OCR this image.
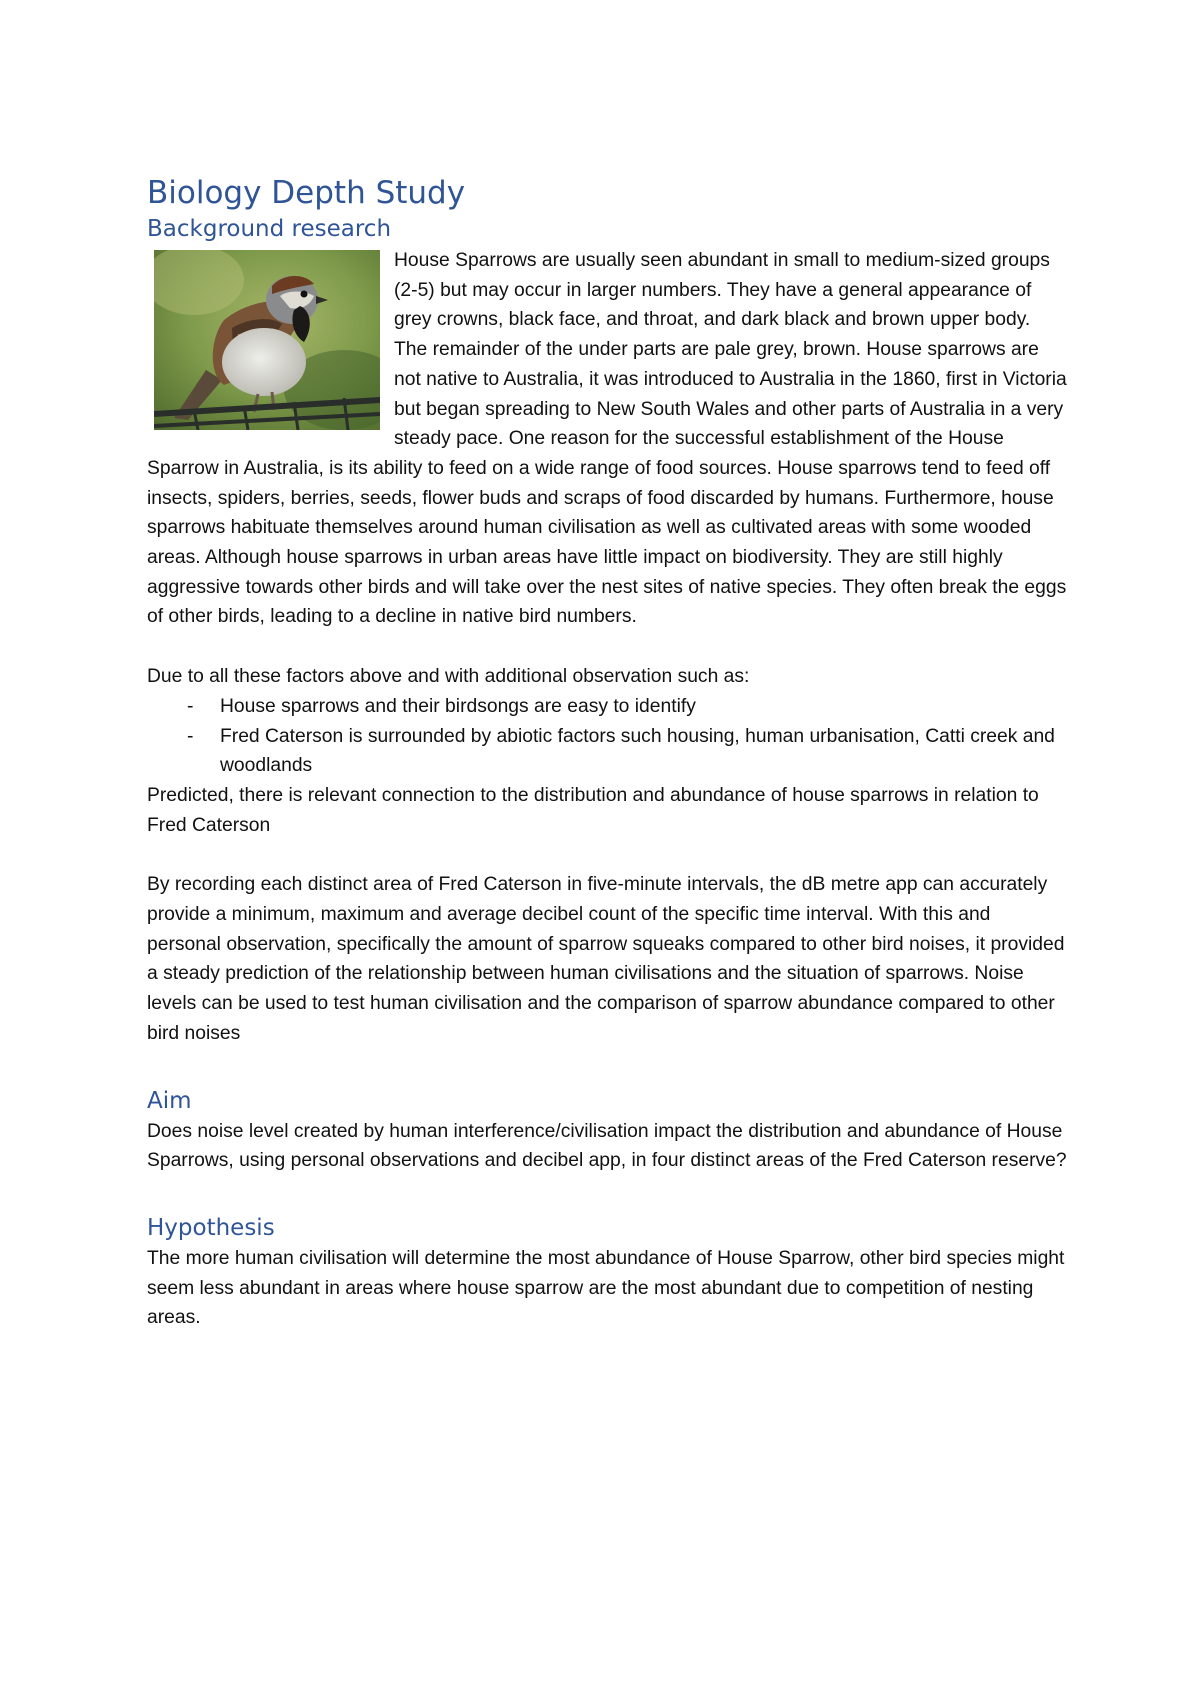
Biology Depth Study
Background research

House Sparrows are usually seen abundant in small to medium-sized groups (2-5) but may occur in larger numbers. They have a general appearance of grey crowns, black face, and throat, and dark black and brown upper body. The remainder of the under parts are pale grey, brown. House sparrows are not native to Australia, it was introduced to Australia in the 1860, first in Victoria but began spreading to New South Wales and other parts of Australia in a very steady pace. One reason for the successful establishment of the House Sparrow in Australia, is its ability to feed on a wide range of food sources. House sparrows tend to feed off insects, spiders, berries, seeds, flower buds and scraps of food discarded by humans. Furthermore, house sparrows habituate themselves around human civilisation as well as cultivated areas with some wooded areas. Although house sparrows in urban areas have little impact on biodiversity. They are still highly aggressive towards other birds and will take over the nest sites of native species. They often break the eggs of other birds, leading to a decline in native bird numbers.

Due to all these factors above and with additional observation such as:

- House sparrows and their birdsongs are easy to identify
- Fred Caterson is surrounded by abiotic factors such housing, human urbanisation, Catti creek and woodlands

Predicted, there is relevant connection to the distribution and abundance of house sparrows in relation to Fred Caterson

By recording each distinct area of Fred Caterson in five-minute intervals, the dB metre app can accurately provide a minimum, maximum and average decibel count of the specific time interval. With this and personal observation, specifically the amount of sparrow squeaks compared to other bird noises, it provided a steady prediction of the relationship between human civilisations and the situation of sparrows. Noise levels can be used to test human civilisation and the comparison of sparrow abundance compared to other bird noises

Aim

Does noise level created by human interference/civilisation impact the distribution and abundance of House Sparrows, using personal observations and decibel app, in four distinct areas of the Fred Caterson reserve?

Hypothesis

The more human civilisation will determine the most abundance of House Sparrow, other bird species might seem less abundant in areas where house sparrow are the most abundant due to competition of nesting areas.
